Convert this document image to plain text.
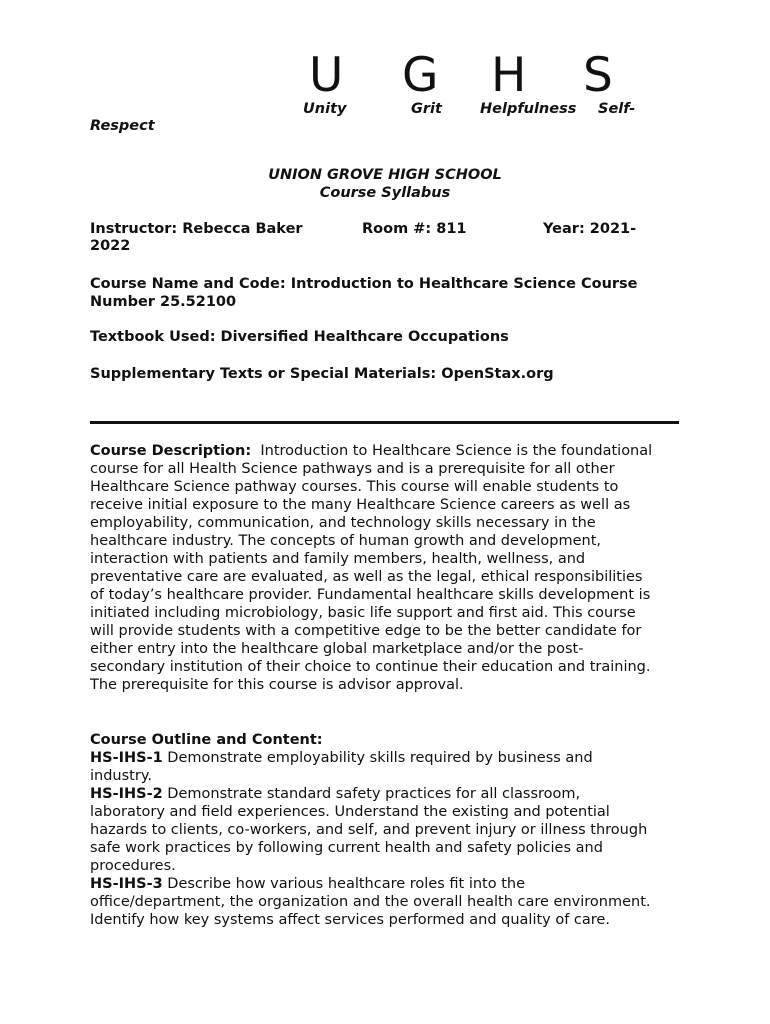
U G H S
Unity	Grit	Helpfulness Self-
Respect
UNION GROVE HIGH SCHOOL
Course Syllabus
Instructor: Rebecca Baker	Room #: 811	Year: 2021-
2022
Course Name and Code: Introduction to Healthcare Science Course
Number 25.52100
Textbook Used: Diversified Healthcare Occupations
Supplementary Texts or Special Materials: OpenStax.org
Course Description:  Introduction to Healthcare Science is the foundational
course for all Health Science pathways and is a prerequisite for all other
Healthcare Science pathway courses. This course will enable students to
receive initial exposure to the many Healthcare Science careers as well as
employability, communication, and technology skills necessary in the
healthcare industry. The concepts of human growth and development,
interaction with patients and family members, health, wellness, and
preventative care are evaluated, as well as the legal, ethical responsibilities
of today’s healthcare provider. Fundamental healthcare skills development is
initiated including microbiology, basic life support and first aid. This course
will provide students with a competitive edge to be the better candidate for
either entry into the healthcare global marketplace and/or the post-
secondary institution of their choice to continue their education and training.
The prerequisite for this course is advisor approval.
Course Outline and Content:
HS-IHS-1 Demonstrate employability skills required by business and
industry.
HS-IHS-2 Demonstrate standard safety practices for all classroom,
laboratory and field experiences. Understand the existing and potential
hazards to clients, co-workers, and self, and prevent injury or illness through
safe work practices by following current health and safety policies and
procedures.
HS-IHS-3 Describe how various healthcare roles fit into the
office/department, the organization and the overall health care environment.
Identify how key systems affect services performed and quality of care.
